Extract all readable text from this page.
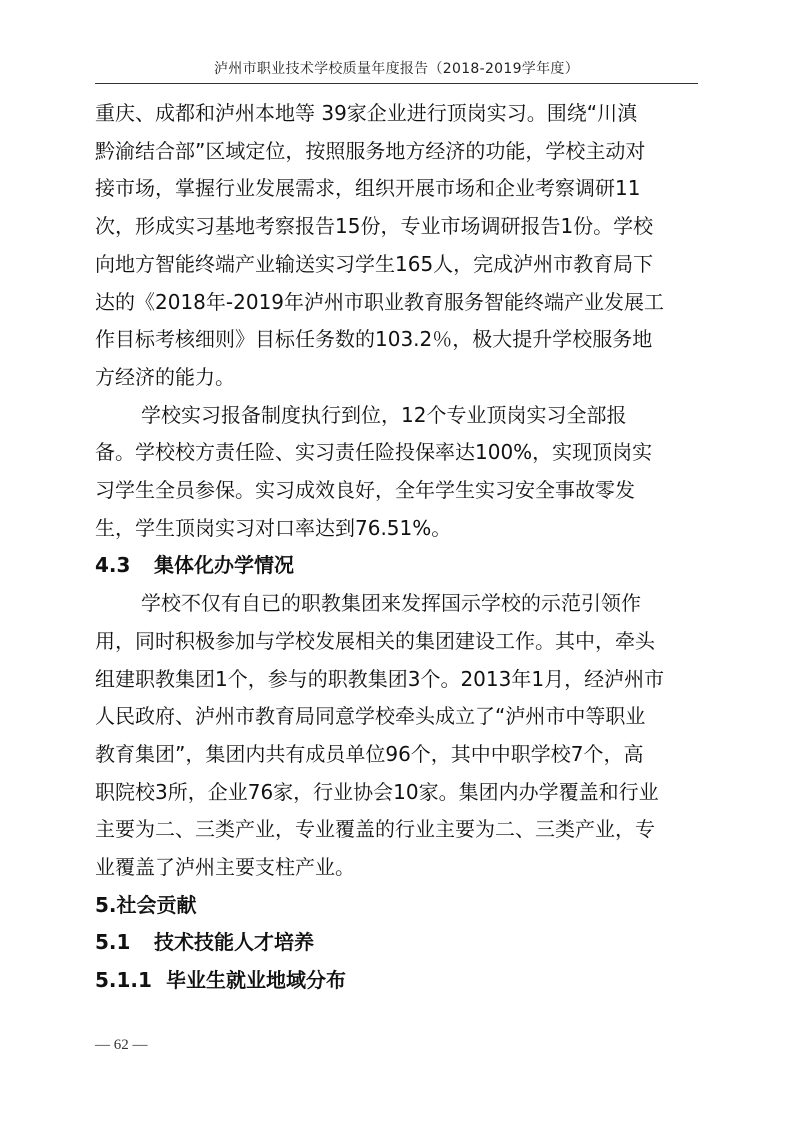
泸州市职业技术学校质量年度报告（2018-2019学年度）

重庆、成都和泸州本地等 39家企业进行顶岗实习。围绕“川滇
黔渝结合部”区域定位，按照服务地方经济的功能，学校主动对
接市场，掌握行业发展需求，组织开展市场和企业考察调研11
次，形成实习基地考察报告15份，专业市场调研报告1份。学校
向地方智能终端产业输送实习学生165人，完成泸州市教育局下
达的《2018年-2019年泸州市职业教育服务智能终端产业发展工
作目标考核细则》目标任务数的103.2％，极大提升学校服务地
方经济的能力。

学校实习报备制度执行到位，12个专业顶岗实习全部报
备。学校校方责任险、实习责任险投保率达100%，实现顶岗实
习学生全员参保。实习成效良好，全年学生实习安全事故零发
生，学生顶岗实习对口率达到76.51%。

4.3 集体化办学情况

学校不仅有自已的职教集团来发挥国示学校的示范引领作
用，同时积极参加与学校发展相关的集团建设工作。其中，牵头
组建职教集团1个，参与的职教集团3个。2013年1月，经泸州市
人民政府、泸州市教育局同意学校牵头成立了“泸州市中等职业
教育集团”，集团内共有成员单位96个，其中中职学校7个，高
职院校3所，企业76家，行业协会10家。集团内办学覆盖和行业
主要为二、三类产业，专业覆盖的行业主要为二、三类产业，专
业覆盖了泸州主要支柱产业。

5.社会贡献
5.1 技术技能人才培养
5.1.1 毕业生就业地域分布
— 62 —
